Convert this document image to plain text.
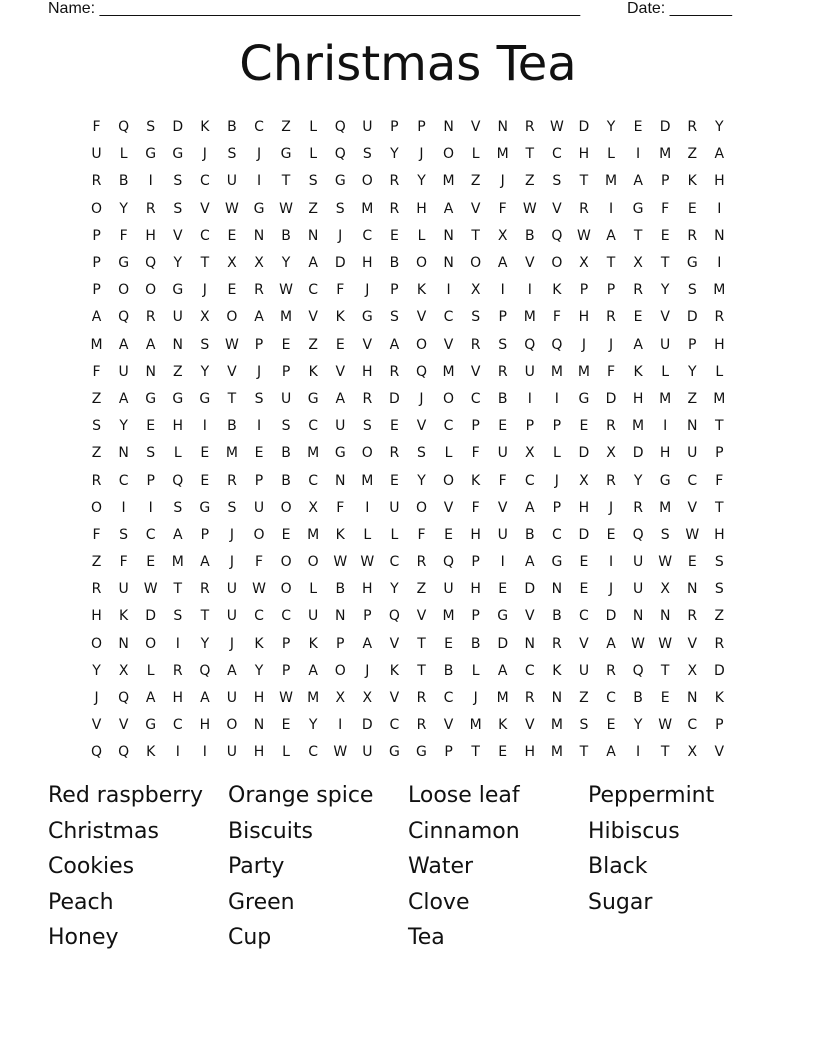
Name: ______________________________________________________	Date: _______
Christmas Tea
F	Q	S	D	K	B	C	Z	L	Q	U	P	P	N	V	N	R	W	D	Y	E	D	R	Y
U	L	G	G	J	S	J	G	L	Q	S	Y	J	O	L	M	T	C	H	L	I	M	Z	A
R	B	I	S	C	U	I	T	S	G	O	R	Y	M	Z	J	Z	S	T	M	A	P	K	H
O	Y	R	S	V	W	G	W	Z	S	M	R	H	A	V	F	W	V	R	I	G	F	E	I
P	F	H	V	C	E	N	B	N	J	C	E	L	N	T	X	B	Q	W	A	T	E	R	N
P	G	Q	Y	T	X	X	Y	A	D	H	B	O	N	O	A	V	O	X	T	X	T	G	I
P	O	O	G	J	E	R	W	C	F	J	P	K	I	X	I	I	K	P	P	R	Y	S	M
A	Q	R	U	X	O	A	M	V	K	G	S	V	C	S	P	M	F	H	R	E	V	D	R
M	A	A	N	S	W	P	E	Z	E	V	A	O	V	R	S	Q	Q	J	J	A	U	P	H
F	U	N	Z	Y	V	J	P	K	V	H	R	Q	M	V	R	U	M	M	F	K	L	Y	L
Z	A	G	G	G	T	S	U	G	A	R	D	J	O	C	B	I	I	G	D	H	M	Z	M
S	Y	E	H	I	B	I	S	C	U	S	E	V	C	P	E	P	P	E	R	M	I	N	T
Z	N	S	L	E	M	E	B	M	G	O	R	S	L	F	U	X	L	D	X	D	H	U	P
R	C	P	Q	E	R	P	B	C	N	M	E	Y	O	K	F	C	J	X	R	Y	G	C	F
O	I	I	S	G	S	U	O	X	F	I	U	O	V	F	V	A	P	H	J	R	M	V	T
F	S	C	A	P	J	O	E	M	K	L	L	F	E	H	U	B	C	D	E	Q	S	W	H
Z	F	E	M	A	J	F	O	O	W W	C	R	Q	P	I	A	G	E	I	U	W	E	S
R	U	W	T	R	U	W	O	L	B	H	Y	Z	U	H	E	D	N	E	J	U	X	N	S
H	K	D	S	T	U	C	C	U	N	P	Q	V	M	P	G	V	B	C	D	N	N	R	Z
O	N	O	I	Y	J	K	P	K	P	A	V	T	E	B	D	N	R	V	A	W W	V	R
Y	X	L	R	Q	A	Y	P	A	O	J	K	T	B	L	A	C	K	U	R	Q	T	X	D
J	Q	A	H	A	U	H	W	M	X	X	V	R	C	J	M	R	N	Z	C	B	E	N	K
V	V	G	C	H	O	N	E	Y	I	D	C	R	V	M	K	V	M	S	E	Y	W	C	P
Q	Q	K	I	I	U	H	L	C	W	U	G	G	P	T	E	H	M	T	A	I	T	X	V
Red raspberry	Orange spice	Loose leaf	Peppermint
Christmas	Biscuits	Cinnamon	Hibiscus
Cookies	Party	Water	Black
Peach	Green	Clove	Sugar
Honey	Cup	Tea
